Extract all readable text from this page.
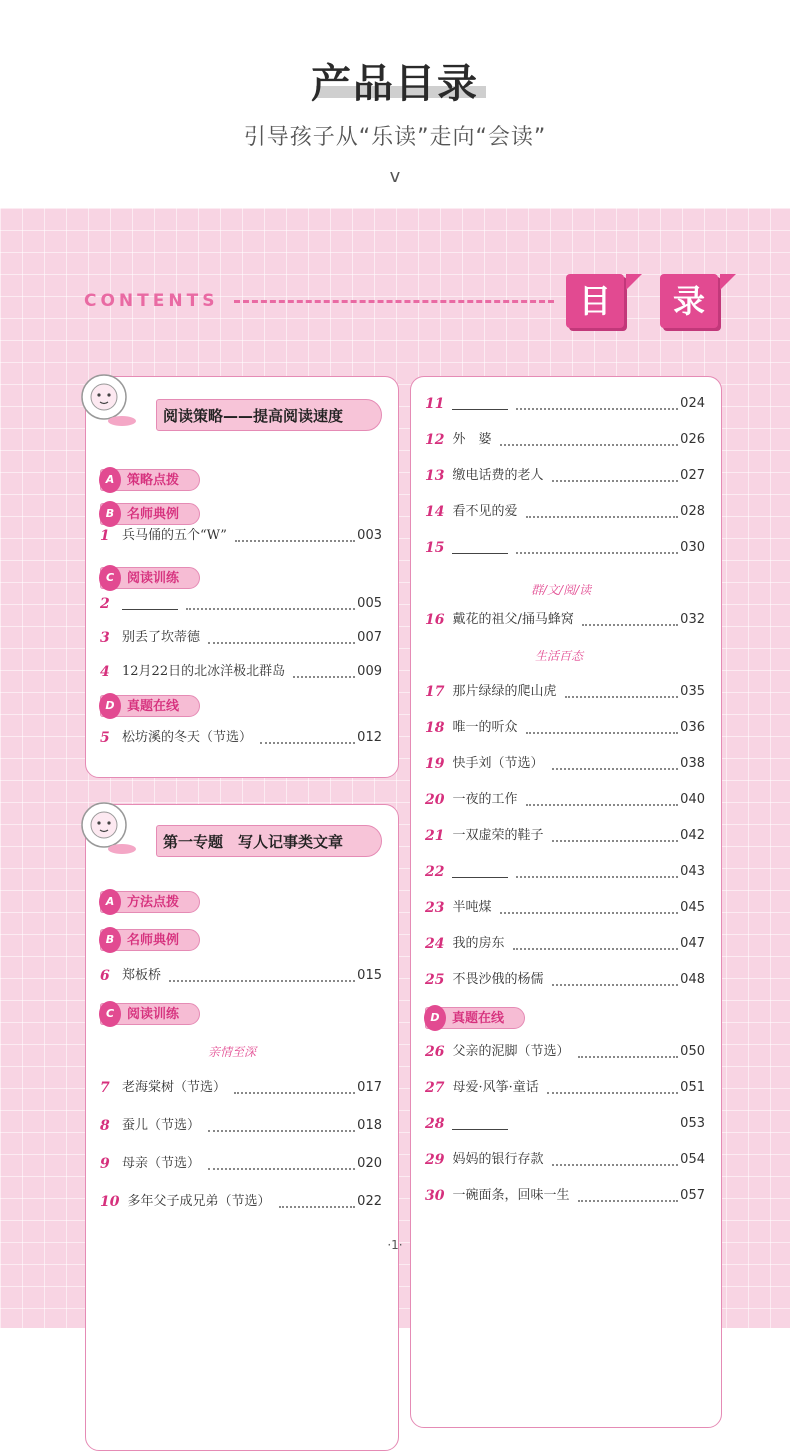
产品目录
引导孩子从“乐读”走向“会读”
v
CONTENTS	目	录
阅读策略——提高阅读速度
A 策略点拨
B 名师典例
1 兵马俑的五个“W”	003
C 阅读训练
2	005
3 别丢了坎蒂德	007
4 12月22日的北冰洋极北群岛	009
D 真题在线
5 松坊溪的冬天（节选）	012
第一专题　写人记事类文章
A 方法点拨
B 名师典例
6 郑板桥	015
C 阅读训练
亲情至深
7 老海棠树（节选）	017
8 蚕儿（节选）	018
9 母亲（节选）	020
10 多年父子成兄弟（节选）	022
11	024
12 外　婆	026
13 缴电话费的老人	027
14 看不见的爱	028
15	030
群/文/阅/读
16 戴花的祖父/捅马蜂窝	032
生活百态
17 那片绿绿的爬山虎	035
18 唯一的听众	036
19 快手刘（节选）	038
20 一夜的工作	040
21 一双虚荣的鞋子	042
22	043
23 半吨煤	045
24 我的房东	047
25 不畏沙俄的杨儒	048
D 真题在线
26 父亲的泥脚（节选）	050
27 母爱·风筝·童话	051
28	053
29 妈妈的银行存款	054
30 一碗面条，回味一生	057
·1·
